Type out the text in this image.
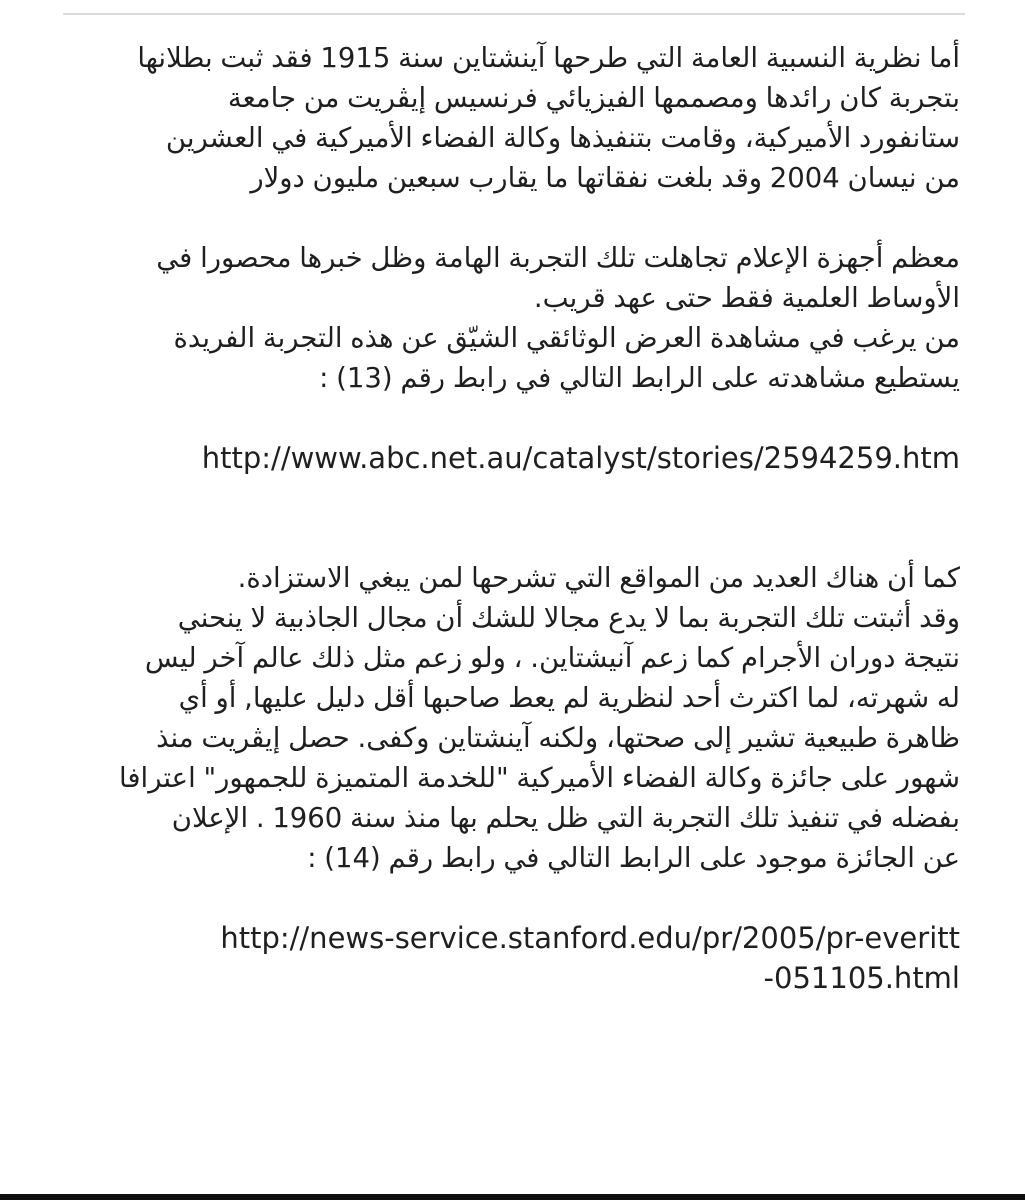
أما نظرية النسبية العامة التي طرحها آينشتاين سنة 1915 فقد ثبت بطلانها
بتجربة كان رائدها ومصممها الفيزيائي فرنسيس إيڤريت من جامعة
ستانفورد الأميركية، وقامت بتنفيذها وكالة الفضاء الأميركية في العشرين
من نيسان 2004 وقد بلغت نفقاتها ما يقارب سبعين مليون دولار

معظم أجهزة الإعلام تجاهلت تلك التجربة الهامة وظل خبرها محصورا في
الأوساط العلمية فقط حتى عهد قريب.
من يرغب في مشاهدة العرض الوثائقي الشيّق عن هذه التجربة الفريدة
يستطيع مشاهدته على الرابط التالي في رابط رقم (13) :

http://www.abc.net.au/catalyst/stories/2594259.htm

كما أن هناك العديد من المواقع التي تشرحها لمن يبغي الاستزادة.
وقد أثبتت تلك التجربة بما لا يدع مجالا للشك أن مجال الجاذبية لا ينحني
نتيجة دوران الأجرام كما زعم آنيشتاين. ، ولو زعم مثل ذلك عالم آخر ليس
له شهرته، لما اكترث أحد لنظرية لم يعط صاحبها أقل دليل عليها, أو أي
ظاهرة طبيعية تشير إلى صحتها، ولكنه آينشتاين وكفى. حصل إيڤريت منذ
شهور على جائزة وكالة الفضاء الأميركية "للخدمة المتميزة للجمهور" اعترافا
بفضله في تنفيذ تلك التجربة التي ظل يحلم بها منذ سنة 1960 . الإعلان
عن الجائزة موجود على الرابط التالي في رابط رقم (14) :

http://news-service.stanford.edu/pr/2005/pr-everitt
-051105.html
